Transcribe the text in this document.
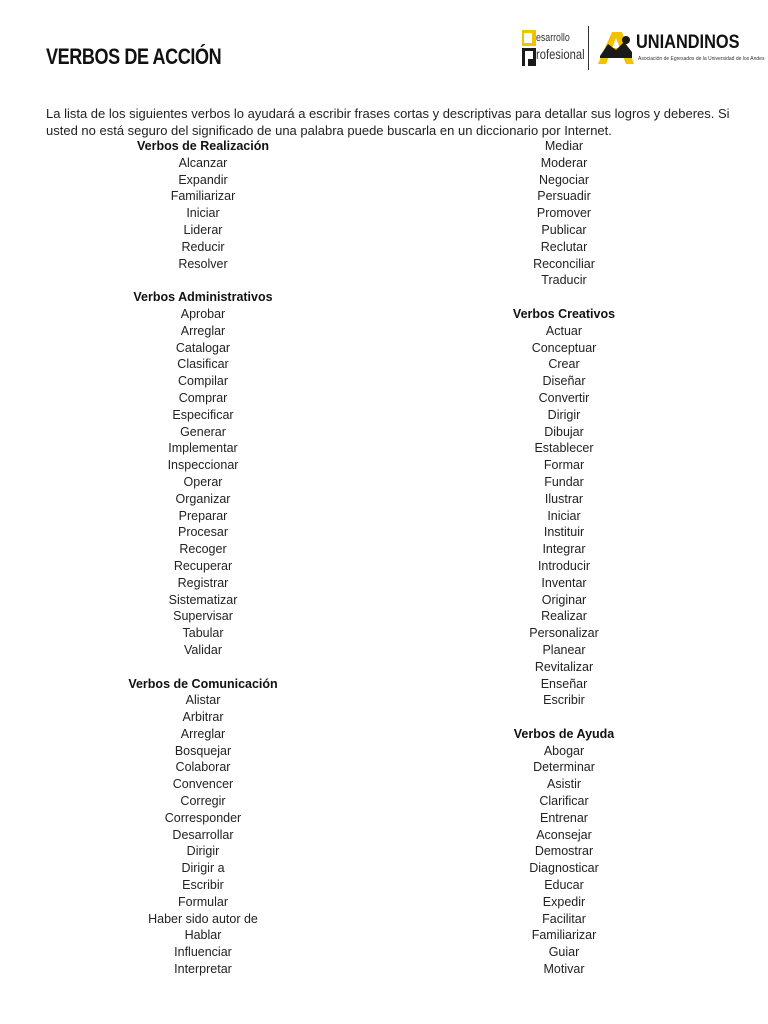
VERBOS DE ACCIÓN
esarrollo
rofesional
UNIANDINOS
Asociación de Egresados de la Universidad de los Andes

La lista de los siguientes verbos lo ayudará a escribir frases cortas y descriptivas para detallar sus logros y deberes. Si usted no está seguro del significado de una palabra puede buscarla en un diccionario por Internet.

Verbos de Realización
Alcanzar
Expandir
Familiarizar
Iniciar
Liderar
Reducir
Resolver
Verbos Administrativos
Aprobar
Arreglar
Catalogar
Clasificar
Compilar
Comprar
Especificar
Generar
Implementar
Inspeccionar
Operar
Organizar
Preparar
Procesar
Recoger
Recuperar
Registrar
Sistematizar
Supervisar
Tabular
Validar
Verbos de Comunicación
Alistar
Arbitrar
Arreglar
Bosquejar
Colaborar
Convencer
Corregir
Corresponder
Desarrollar
Dirigir
Dirigir a
Escribir
Formular
Haber sido autor de
Hablar
Influenciar
Interpretar
Mediar
Moderar
Negociar
Persuadir
Promover
Publicar
Reclutar
Reconciliar
Traducir
Verbos Creativos
Actuar
Conceptuar
Crear
Diseñar
Convertir
Dirigir
Dibujar
Establecer
Formar
Fundar
Ilustrar
Iniciar
Instituir
Integrar
Introducir
Inventar
Originar
Realizar
Personalizar
Planear
Revitalizar
Enseñar
Escribir
Verbos de Ayuda
Abogar
Determinar
Asistir
Clarificar
Entrenar
Aconsejar
Demostrar
Diagnosticar
Educar
Expedir
Facilitar
Familiarizar
Guiar
Motivar
